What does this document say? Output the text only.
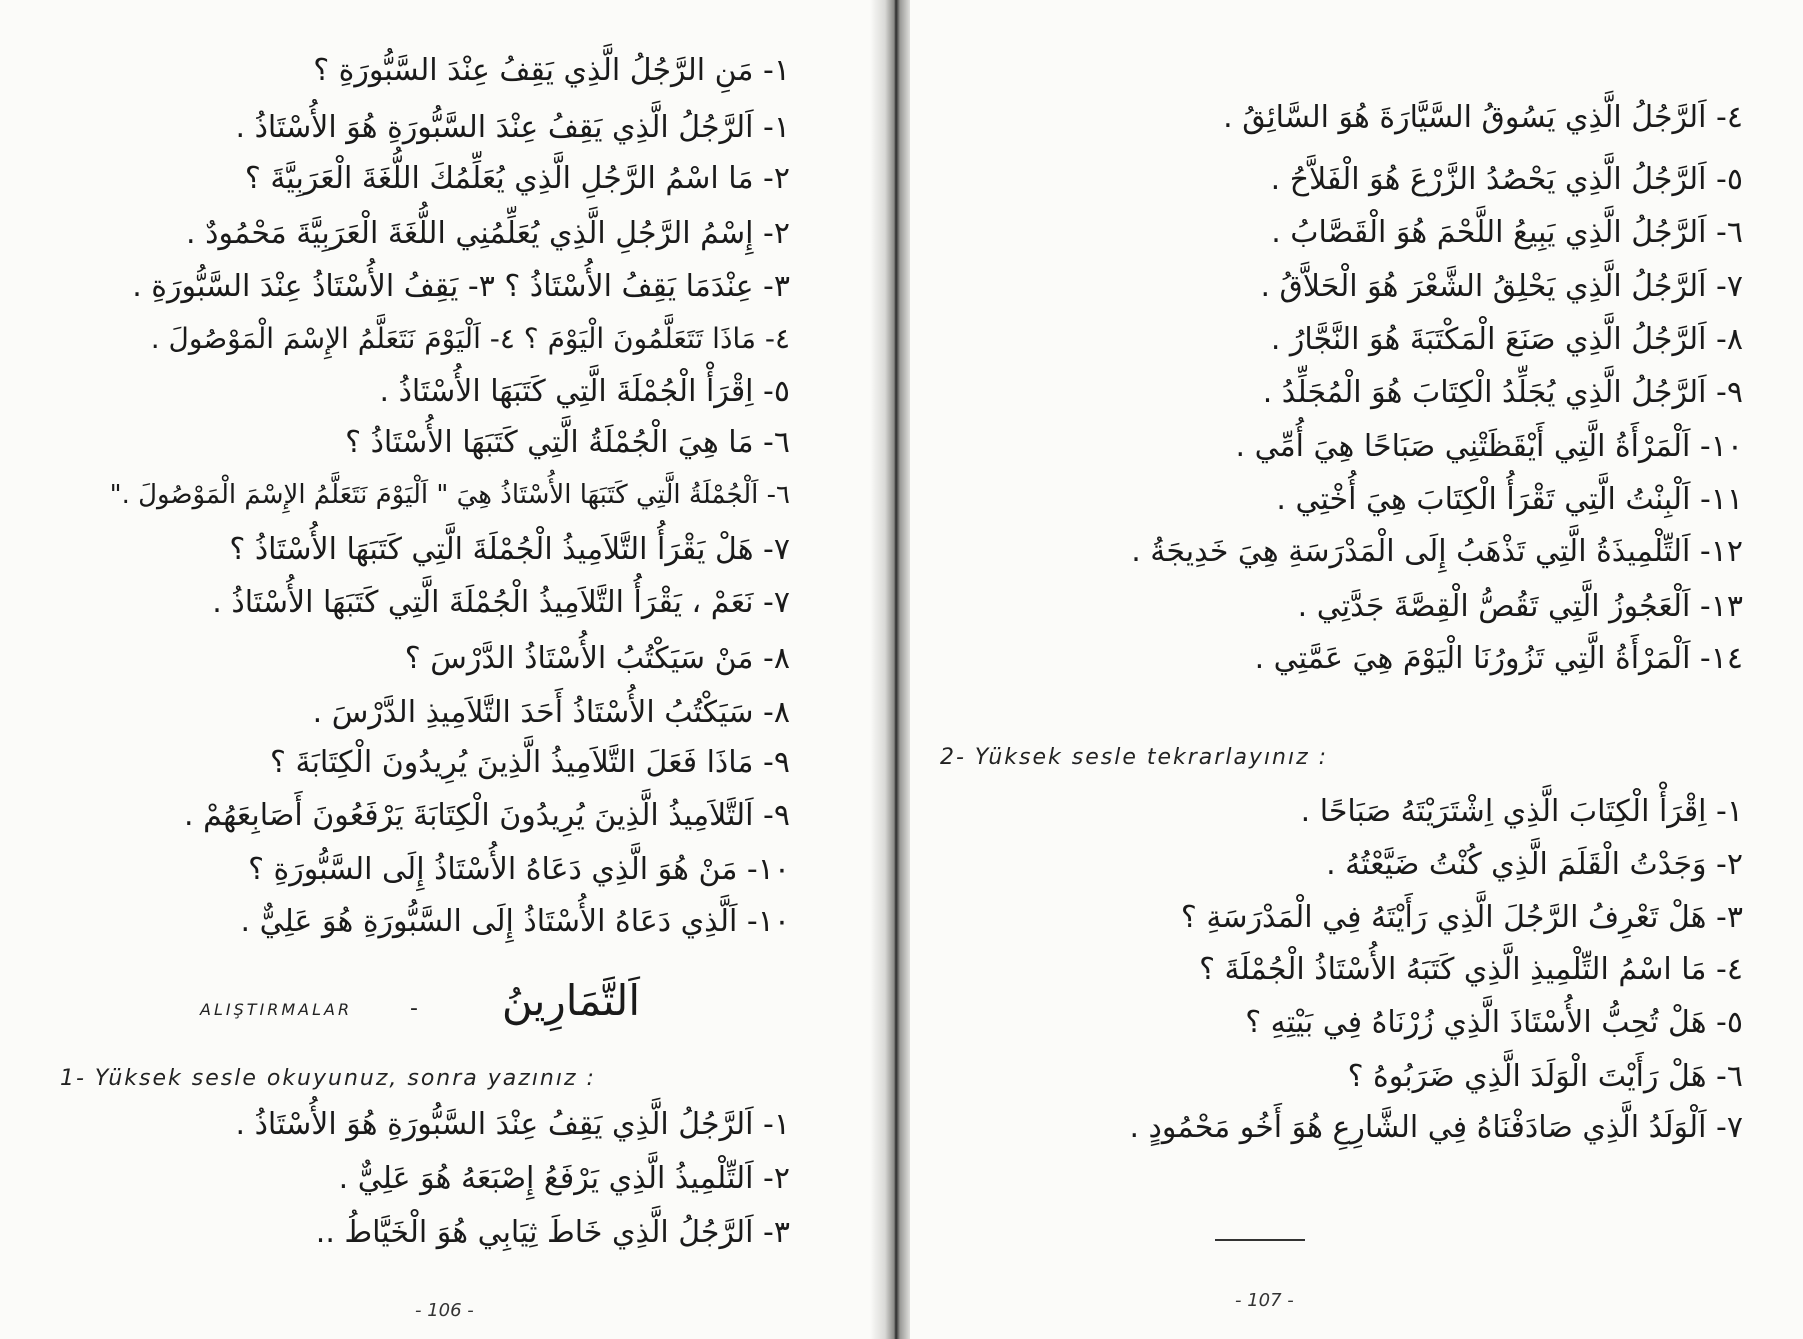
١- مَنِ الرَّجُلُ الَّذِي يَقِفُ عِنْدَ السَّبُّورَةِ ؟
١- اَلرَّجُلُ الَّذِي يَقِفُ عِنْدَ السَّبُّورَةِ هُوَ الأُسْتَاذُ .
٢- مَا اسْمُ الرَّجُلِ الَّذِي يُعَلِّمُكَ اللُّغَةَ الْعَرَبِيَّةَ ؟
٢- إِسْمُ الرَّجُلِ الَّذِي يُعَلِّمُنِي اللُّغَةَ الْعَرَبِيَّةَ مَحْمُودٌ .
٣- عِنْدَمَا يَقِفُ الأُسْتَاذُ ؟ ٣- يَقِفُ الأُسْتَاذُ عِنْدَ السَّبُّورَةِ .
٤- مَاذَا تَتَعَلَّمُونَ الْيَوْمَ ؟ ٤- اَلْيَوْمَ نَتَعَلَّمُ الإِسْمَ الْمَوْصُولَ .
٥- اِقْرَأْ الْجُمْلَةَ الَّتِي كَتَبَهَا الأُسْتَاذُ .
٦- مَا هِيَ الْجُمْلَةُ الَّتِي كَتَبَهَا الأُسْتَاذُ ؟
٦- اَلْجُمْلَةُ الَّتِي كَتَبَهَا الأُسْتَاذُ هِيَ " اَلْيَوْمَ نَتَعَلَّمُ الإِسْمَ الْمَوْصُولَ ."
٧- هَلْ يَقْرَأُ التَّلاَمِيذُ الْجُمْلَةَ الَّتِي كَتَبَهَا الأُسْتَاذُ ؟
٧- نَعَمْ ، يَقْرَأُ التَّلاَمِيذُ الْجُمْلَةَ الَّتِي كَتَبَهَا الأُسْتَاذُ .
٨- مَنْ سَيَكْتُبُ الأُسْتَاذُ الدَّرْسَ ؟
٨- سَيَكْتُبُ الأُسْتَاذُ أَحَدَ التَّلاَمِيذِ الدَّرْسَ .
٩- مَاذَا فَعَلَ التَّلاَمِيذُ الَّذِينَ يُرِيدُونَ الْكِتَابَةَ ؟
٩- اَلتَّلاَمِيذُ الَّذِينَ يُرِيدُونَ الْكِتَابَةَ يَرْفَعُونَ أَصَابِعَهُمْ .
١٠- مَنْ هُوَ الَّذِي دَعَاهُ الأُسْتَاذُ إِلَى السَّبُّورَةِ ؟
١٠- اَلَّذِي دَعَاهُ الأُسْتَاذُ إِلَى السَّبُّورَةِ هُوَ عَلِيٌّ .
ALIŞTIRMALAR	- اَلتَّمَارِينُ
1- Yüksek sesle okuyunuz, sonra yazınız :
١- اَلرَّجُلُ الَّذِي يَقِفُ عِنْدَ السَّبُّورَةِ هُوَ الأُسْتَاذُ .
٢- اَلتِّلْمِيذُ الَّذِي يَرْفَعُ إِصْبَعَهُ هُوَ عَلِيٌّ .
٣- اَلرَّجُلُ الَّذِي خَاطَ ثِيَابِي هُوَ الْخَيَّاطُ ..
- 106 -
٤- اَلرَّجُلُ الَّذِي يَسُوقُ السَّيَّارَةَ هُوَ السَّائِقُ .
٥- اَلرَّجُلُ الَّذِي يَحْصُدُ الزَّرْعَ هُوَ الْفَلاَّحُ .
٦- اَلرَّجُلُ الَّذِي يَبِيعُ اللَّحْمَ هُوَ الْقَصَّابُ .
٧- اَلرَّجُلُ الَّذِي يَحْلِقُ الشَّعْرَ هُوَ الْحَلاَّقُ .
٨- اَلرَّجُلُ الَّذِي صَنَعَ الْمَكْتَبَةَ هُوَ النَّجَّارُ .
٩- اَلرَّجُلُ الَّذِي يُجَلِّدُ الْكِتَابَ هُوَ الْمُجَلِّدُ .
١٠- اَلْمَرْأَةُ الَّتِي أَيْقَظَتْنِي صَبَاحًا هِيَ أُمِّي .
١١- اَلْبِنْتُ الَّتِي تَقْرَأُ الْكِتَابَ هِيَ أُخْتِي .
١٢- اَلتِّلْمِيذَةُ الَّتِي تَذْهَبُ إِلَى الْمَدْرَسَةِ هِيَ خَدِيجَةُ .
١٣- اَلْعَجُوزُ الَّتِي تَقُصُّ الْقِصَّةَ جَدَّتِي .
١٤- اَلْمَرْأَةُ الَّتِي تَزُورُنَا الْيَوْمَ هِيَ عَمَّتِي .
2- Yüksek sesle tekrarlayınız :
١- اِقْرَأْ الْكِتَابَ الَّذِي اِشْتَرَيْتَهُ صَبَاحًا .
٢- وَجَدْتُ الْقَلَمَ الَّذِي كُنْتُ ضَيَّعْتُهُ .
٣- هَلْ تَعْرِفُ الرَّجُلَ الَّذِي رَأَيْتَهُ فِي الْمَدْرَسَةِ ؟
٤- مَا اسْمُ التِّلْمِيذِ الَّذِي كَتَبَهُ الأُسْتَاذُ الْجُمْلَةَ ؟
٥- هَلْ تُحِبُّ الأُسْتَاذَ الَّذِي زُرْنَاهُ فِي بَيْتِهِ ؟
٦- هَلْ رَأَيْتَ الْوَلَدَ الَّذِي ضَرَبُوهُ ؟
٧- اَلْوَلَدُ الَّذِي صَادَفْنَاهُ فِي الشَّارِعِ هُوَ أَخُو مَحْمُودٍ .
- 107 -
